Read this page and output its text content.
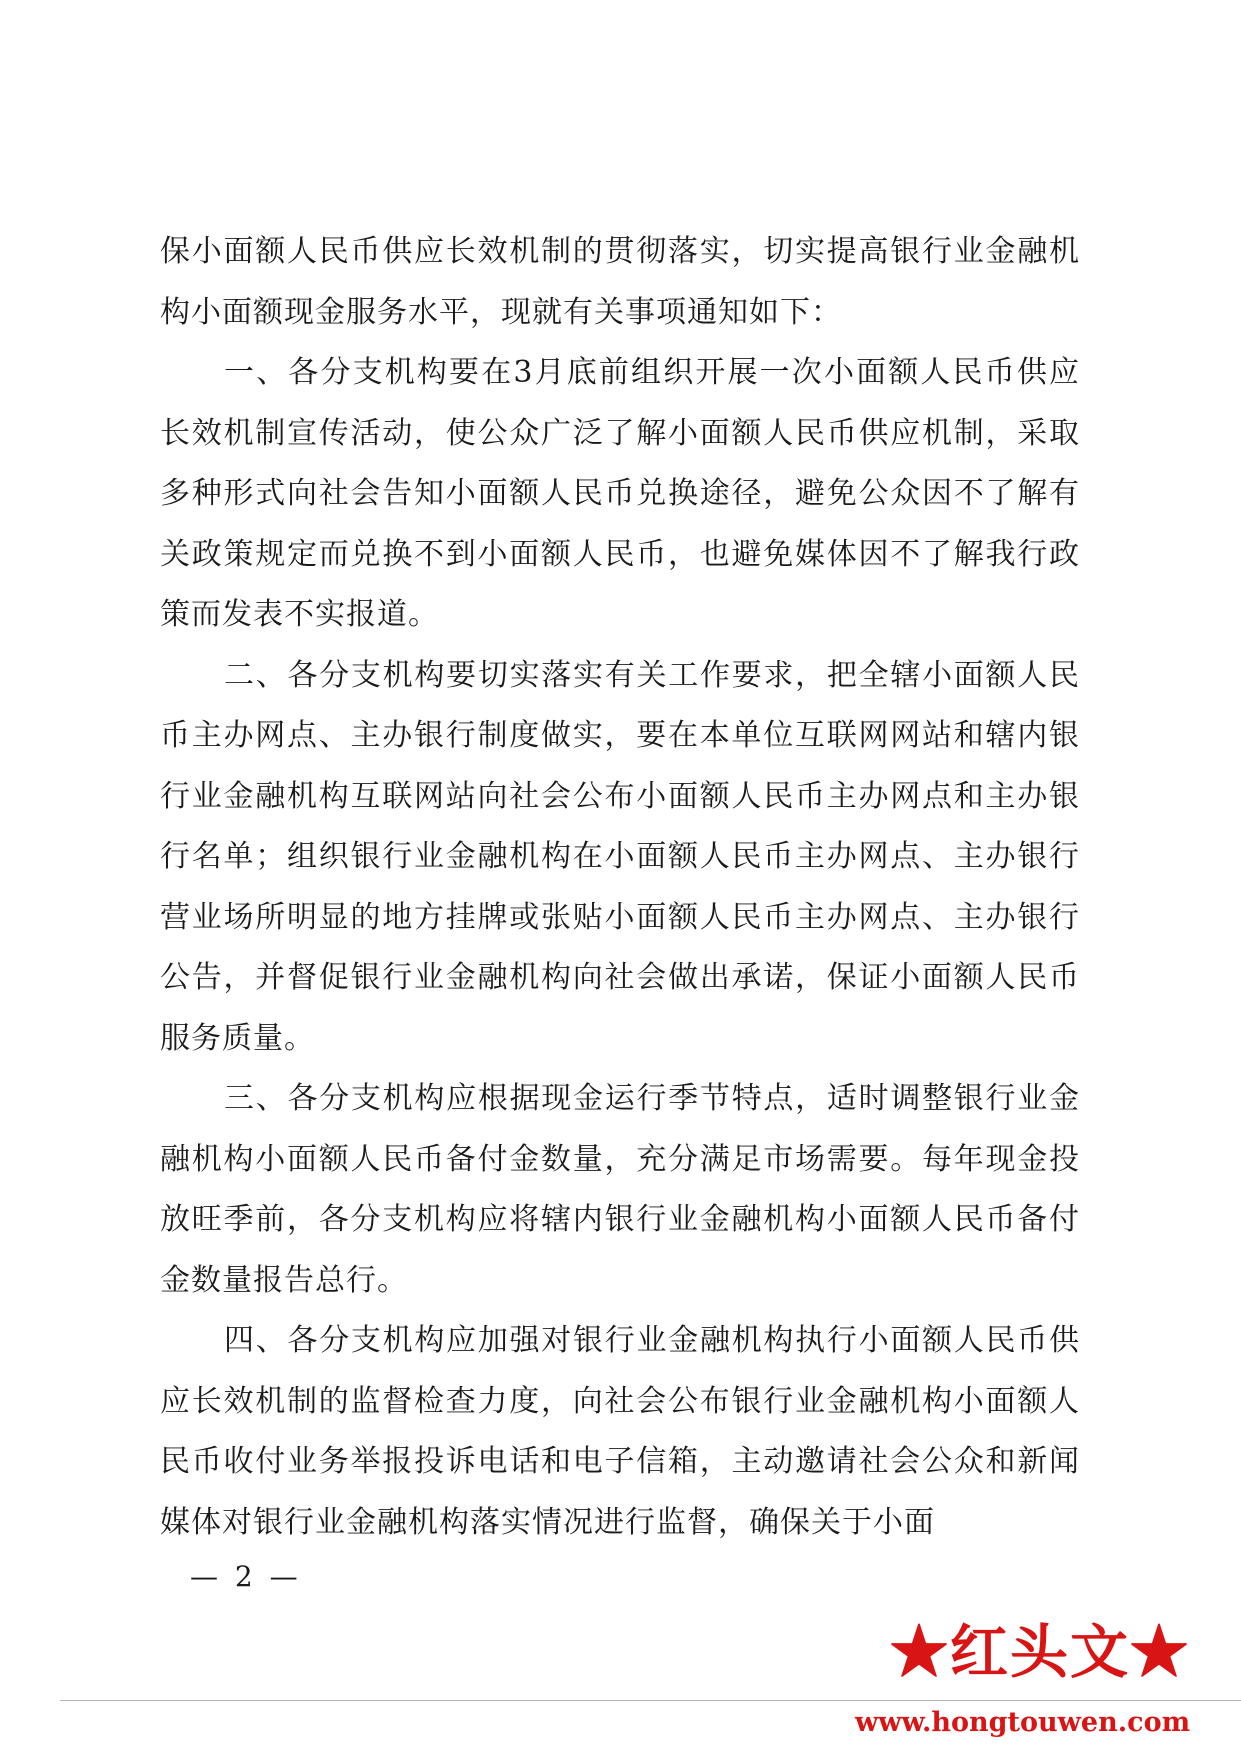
保小面额人民币供应长效机制的贯彻落实，切实提高银行业金融机构小面额现金服务水平，现就有关事项通知如下：

一、各分支机构要在3月底前组织开展一次小面额人民币供应长效机制宣传活动，使公众广泛了解小面额人民币供应机制，采取多种形式向社会告知小面额人民币兑换途径，避免公众因不了解有关政策规定而兑换不到小面额人民币，也避免媒体因不了解我行政策而发表不实报道。

二、各分支机构要切实落实有关工作要求，把全辖小面额人民币主办网点、主办银行制度做实，要在本单位互联网网站和辖内银行业金融机构互联网站向社会公布小面额人民币主办网点和主办银行名单；组织银行业金融机构在小面额人民币主办网点、主办银行营业场所明显的地方挂牌或张贴小面额人民币主办网点、主办银行公告，并督促银行业金融机构向社会做出承诺，保证小面额人民币服务质量。

三、各分支机构应根据现金运行季节特点，适时调整银行业金融机构小面额人民币备付金数量，充分满足市场需要。每年现金投放旺季前，各分支机构应将辖内银行业金融机构小面额人民币备付金数量报告总行。

四、各分支机构应加强对银行业金融机构执行小面额人民币供应长效机制的监督检查力度，向社会公布银行业金融机构小面额人民币收付业务举报投诉电话和电子信箱，主动邀请社会公众和新闻媒体对银行业金融机构落实情况进行监督，确保关于小面

— 2 —
★红头文★
www.hongtouwen.com
